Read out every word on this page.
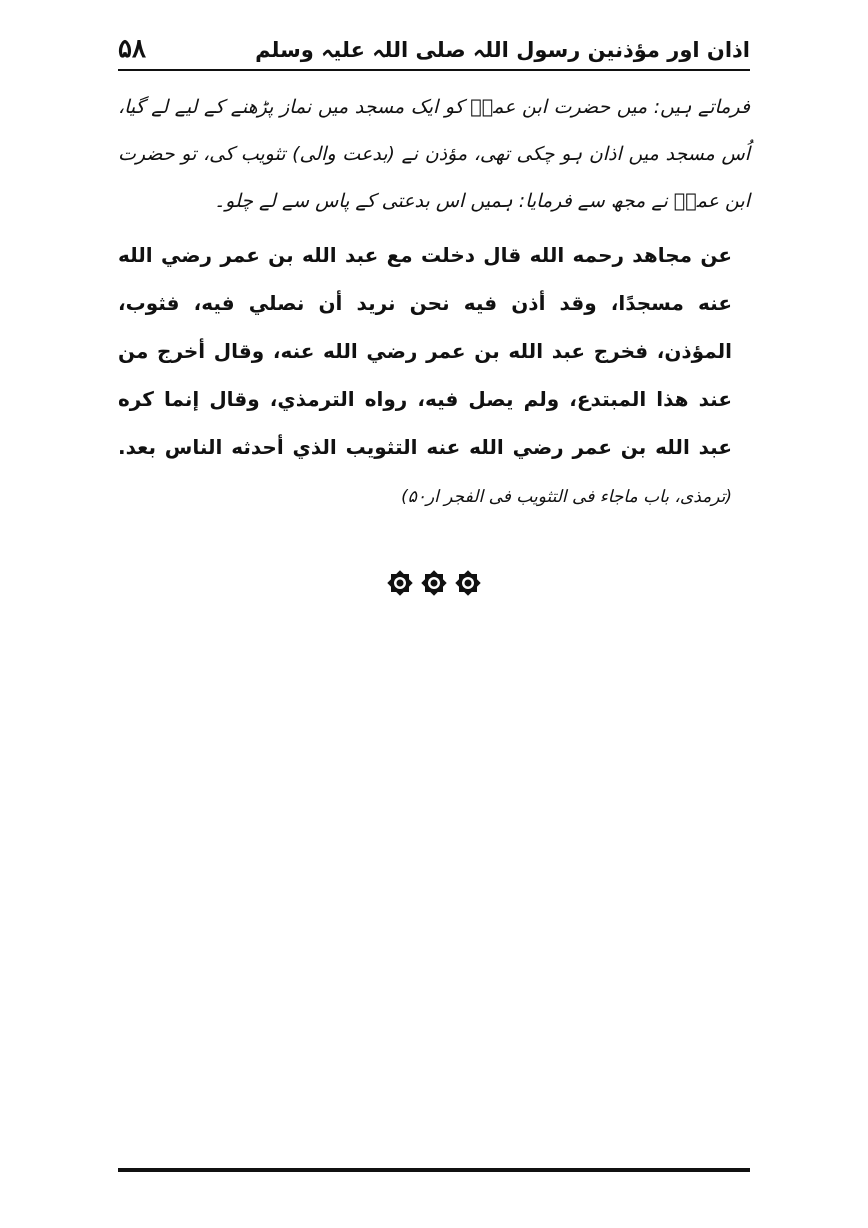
۵۸	اذان اور مؤذنین رسول اللہ صلی اللہ علیہ وسلم
فرماتے ہیں: میں حضرت ابن عمرؓ کو ایک مسجد میں نماز پڑھنے کے لیے لے گیا، اُس مسجد میں اذان ہو چکی تھی، مؤذن نے (بدعت والی) تثویب کی، تو حضرت ابن عمرؓ نے مجھ سے فرمایا: ہمیں اس بدعتی کے پاس سے لے چلو۔
عن مجاهد رحمه الله قال دخلت مع عبد الله بن عمر رضي الله عنه مسجدًا، وقد أذن فيه نحن نريد أن نصلي فيه، فثوب، المؤذن، فخرج عبد الله بن عمر رضي الله عنه، وقال أخرج من عند هذا المبتدع، ولم يصل فيه، رواه الترمذي، وقال إنما كره عبد الله بن عمر رضي الله عنه التثويب الذي أحدثه الناس بعد. (ترمذی، باب ماجاء فی التثویب فی الفجر ار۵۰)
